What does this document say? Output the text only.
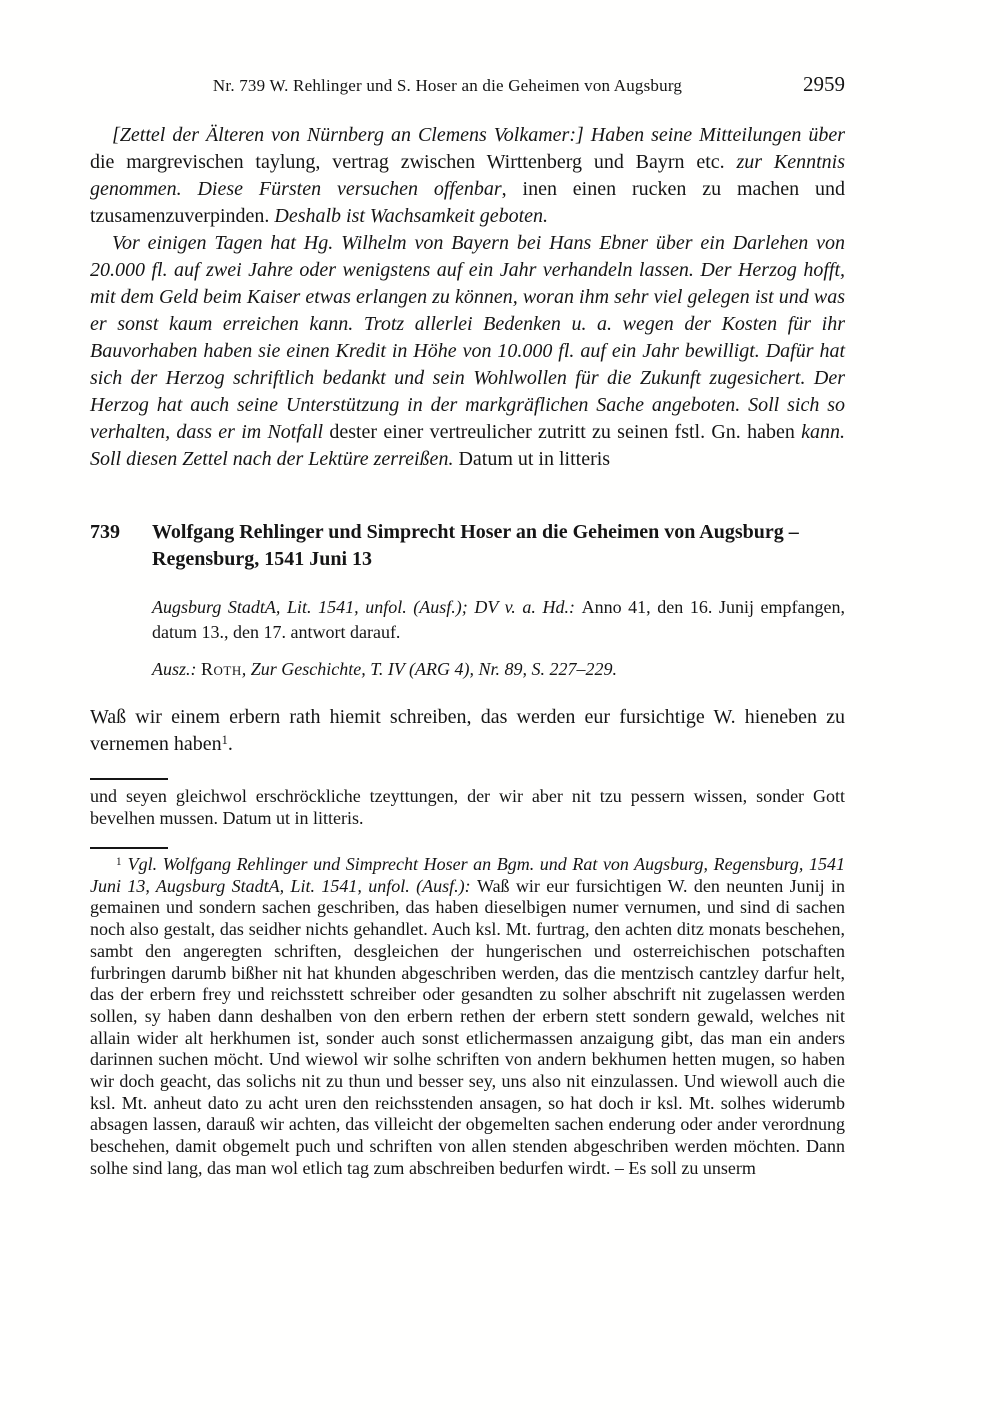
Nr. 739 W. Rehlinger und S. Hoser an die Geheimen von Augsburg	2959

[Zettel der Älteren von Nürnberg an Clemens Volkamer:] Haben seine Mitteilungen über die margrevischen taylung, vertrag zwischen Wirttenberg und Bayrn etc. zur Kenntnis genommen. Diese Fürsten versuchen offenbar, inen einen rucken zu machen und tzusamenzuverpinden. Deshalb ist Wachsamkeit geboten.

Vor einigen Tagen hat Hg. Wilhelm von Bayern bei Hans Ebner über ein Darlehen von 20.000 fl. auf zwei Jahre oder wenigstens auf ein Jahr verhandeln lassen. Der Herzog hofft, mit dem Geld beim Kaiser etwas erlangen zu können, woran ihm sehr viel gelegen ist und was er sonst kaum erreichen kann. Trotz allerlei Bedenken u. a. wegen der Kosten für ihr Bauvorhaben haben sie einen Kredit in Höhe von 10.000 fl. auf ein Jahr bewilligt. Dafür hat sich der Herzog schriftlich bedankt und sein Wohlwollen für die Zukunft zugesichert. Der Herzog hat auch seine Unterstützung in der markgräflichen Sache angeboten. Soll sich so verhalten, dass er im Notfall dester einer vertreulicher zutritt zu seinen fstl. Gn. haben kann. Soll diesen Zettel nach der Lektüre zerreißen. Datum ut in litteris

739 Wolfgang Rehlinger und Simprecht Hoser an die Geheimen von Augsburg – Regensburg, 1541 Juni 13

Augsburg StadtA, Lit. 1541, unfol. (Ausf.); DV v. a. Hd.: Anno 41, den 16. Junij empfangen, datum 13., den 17. antwort darauf.

Ausz.: Roth, Zur Geschichte, T. IV (ARG 4), Nr. 89, S. 227–229.

Waß wir einem erbern rath hiemit schreiben, das werden eur fursichtige W. hieneben zu vernemen haben$^1$.

und seyen gleichwol erschröckliche tzeyttungen, der wir aber nit tzu pessern wissen, sonder Gott bevelhen mussen. Datum ut in litteris.

$^1$ Vgl. Wolfgang Rehlinger und Simprecht Hoser an Bgm. und Rat von Augsburg, Regensburg, 1541 Juni 13, Augsburg StadtA, Lit. 1541, unfol. (Ausf.): Waß wir eur fursichtigen W. den neunten Junij in gemainen und sondern sachen geschriben, das haben dieselbigen numer vernumen, und sind di sachen noch also gestalt, das seidher nichts gehandlet. Auch ksl. Mt. furtrag, den achten ditz monats beschehen, sambt den angeregten schriften, desgleichen der hungerischen und osterreichischen potschaften furbringen darumb bißher nit hat khunden abgeschriben werden, das die mentzisch cantzley darfur helt, das der erbern frey und reichsstett schreiber oder gesandten zu solher abschrift nit zugelassen werden sollen, sy haben dann deshalben von den erbern rethen der erbern stett sondern gewald, welches nit allain wider alt herkhumen ist, sonder auch sonst etlichermassen anzaigung gibt, das man ein anders darinnen suchen möcht. Und wiewol wir solhe schriften von andern bekhumen hetten mugen, so haben wir doch geacht, das solichs nit zu thun und besser sey, uns also nit einzulassen. Und wiewoll auch die ksl. Mt. anheut dato zu acht uren den reichsstenden ansagen, so hat doch ir ksl. Mt. solhes widerumb absagen lassen, darauß wir achten, das villeicht der obgemelten sachen enderung oder ander verordnung beschehen, damit obgemelt puch und schriften von allen stenden abgeschriben werden möchten. Dann solhe sind lang, das man wol etlich tag zum abschreiben bedurfen wirdt. – Es soll zu unserm
